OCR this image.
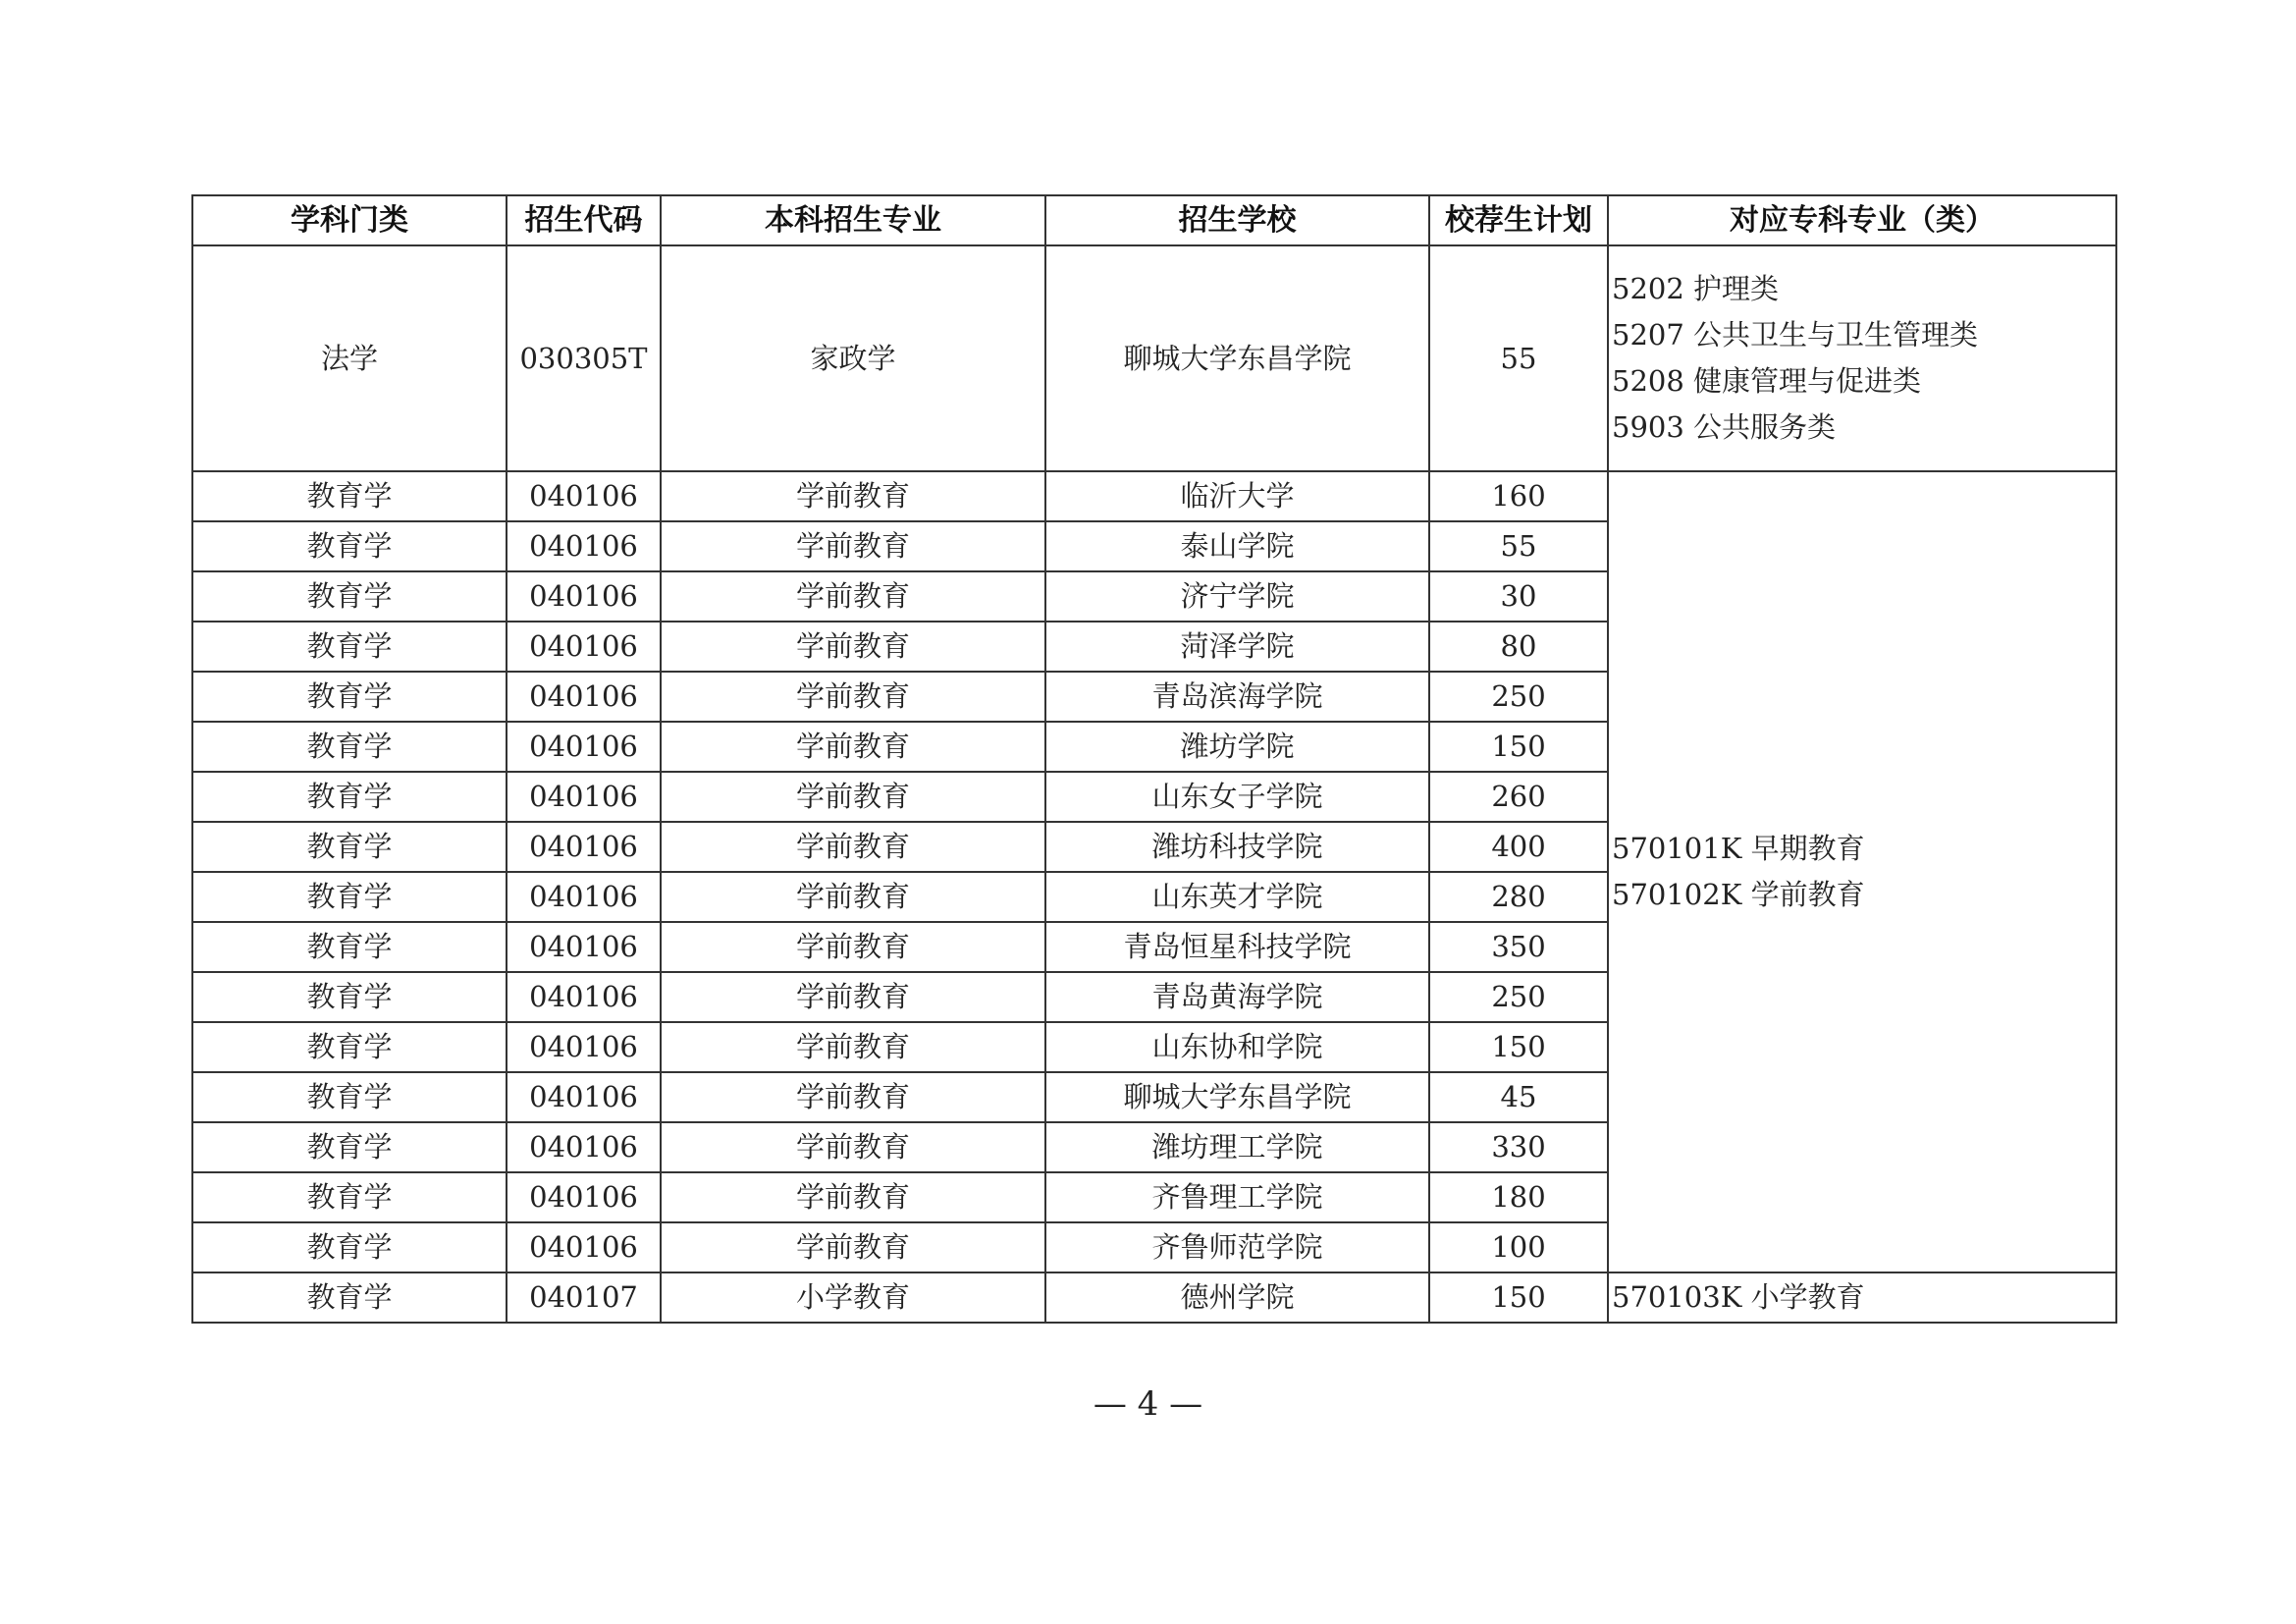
学科门类	招生代码	本科招生专业	招生学校	校荐生计划	对应专科专业（类）
法学	030305T	家政学	聊城大学东昌学院	55	5202 护理类
5207 公共卫生与卫生管理类
5208 健康管理与促进类
5903 公共服务类

教育学	040106	学前教育	临沂大学	160	570101K 早期教育
570102K 学前教育

教育学	040106	学前教育	泰山学院	55	
教育学	040106	学前教育	济宁学院	30	
教育学	040106	学前教育	菏泽学院	80	
教育学	040106	学前教育	青岛滨海学院	250	
教育学	040106	学前教育	潍坊学院	150	
教育学	040106	学前教育	山东女子学院	260	
教育学	040106	学前教育	潍坊科技学院	400	
教育学	040106	学前教育	山东英才学院	280	
教育学	040106	学前教育	青岛恒星科技学院	350	
教育学	040106	学前教育	青岛黄海学院	250	
教育学	040106	学前教育	山东协和学院	150	
教育学	040106	学前教育	聊城大学东昌学院	45	
教育学	040106	学前教育	潍坊理工学院	330	
教育学	040106	学前教育	齐鲁理工学院	180	
教育学	040106	学前教育	齐鲁师范学院	100	
教育学	040107	小学教育	德州学院	150	570103K 小学教育
— 4 —
